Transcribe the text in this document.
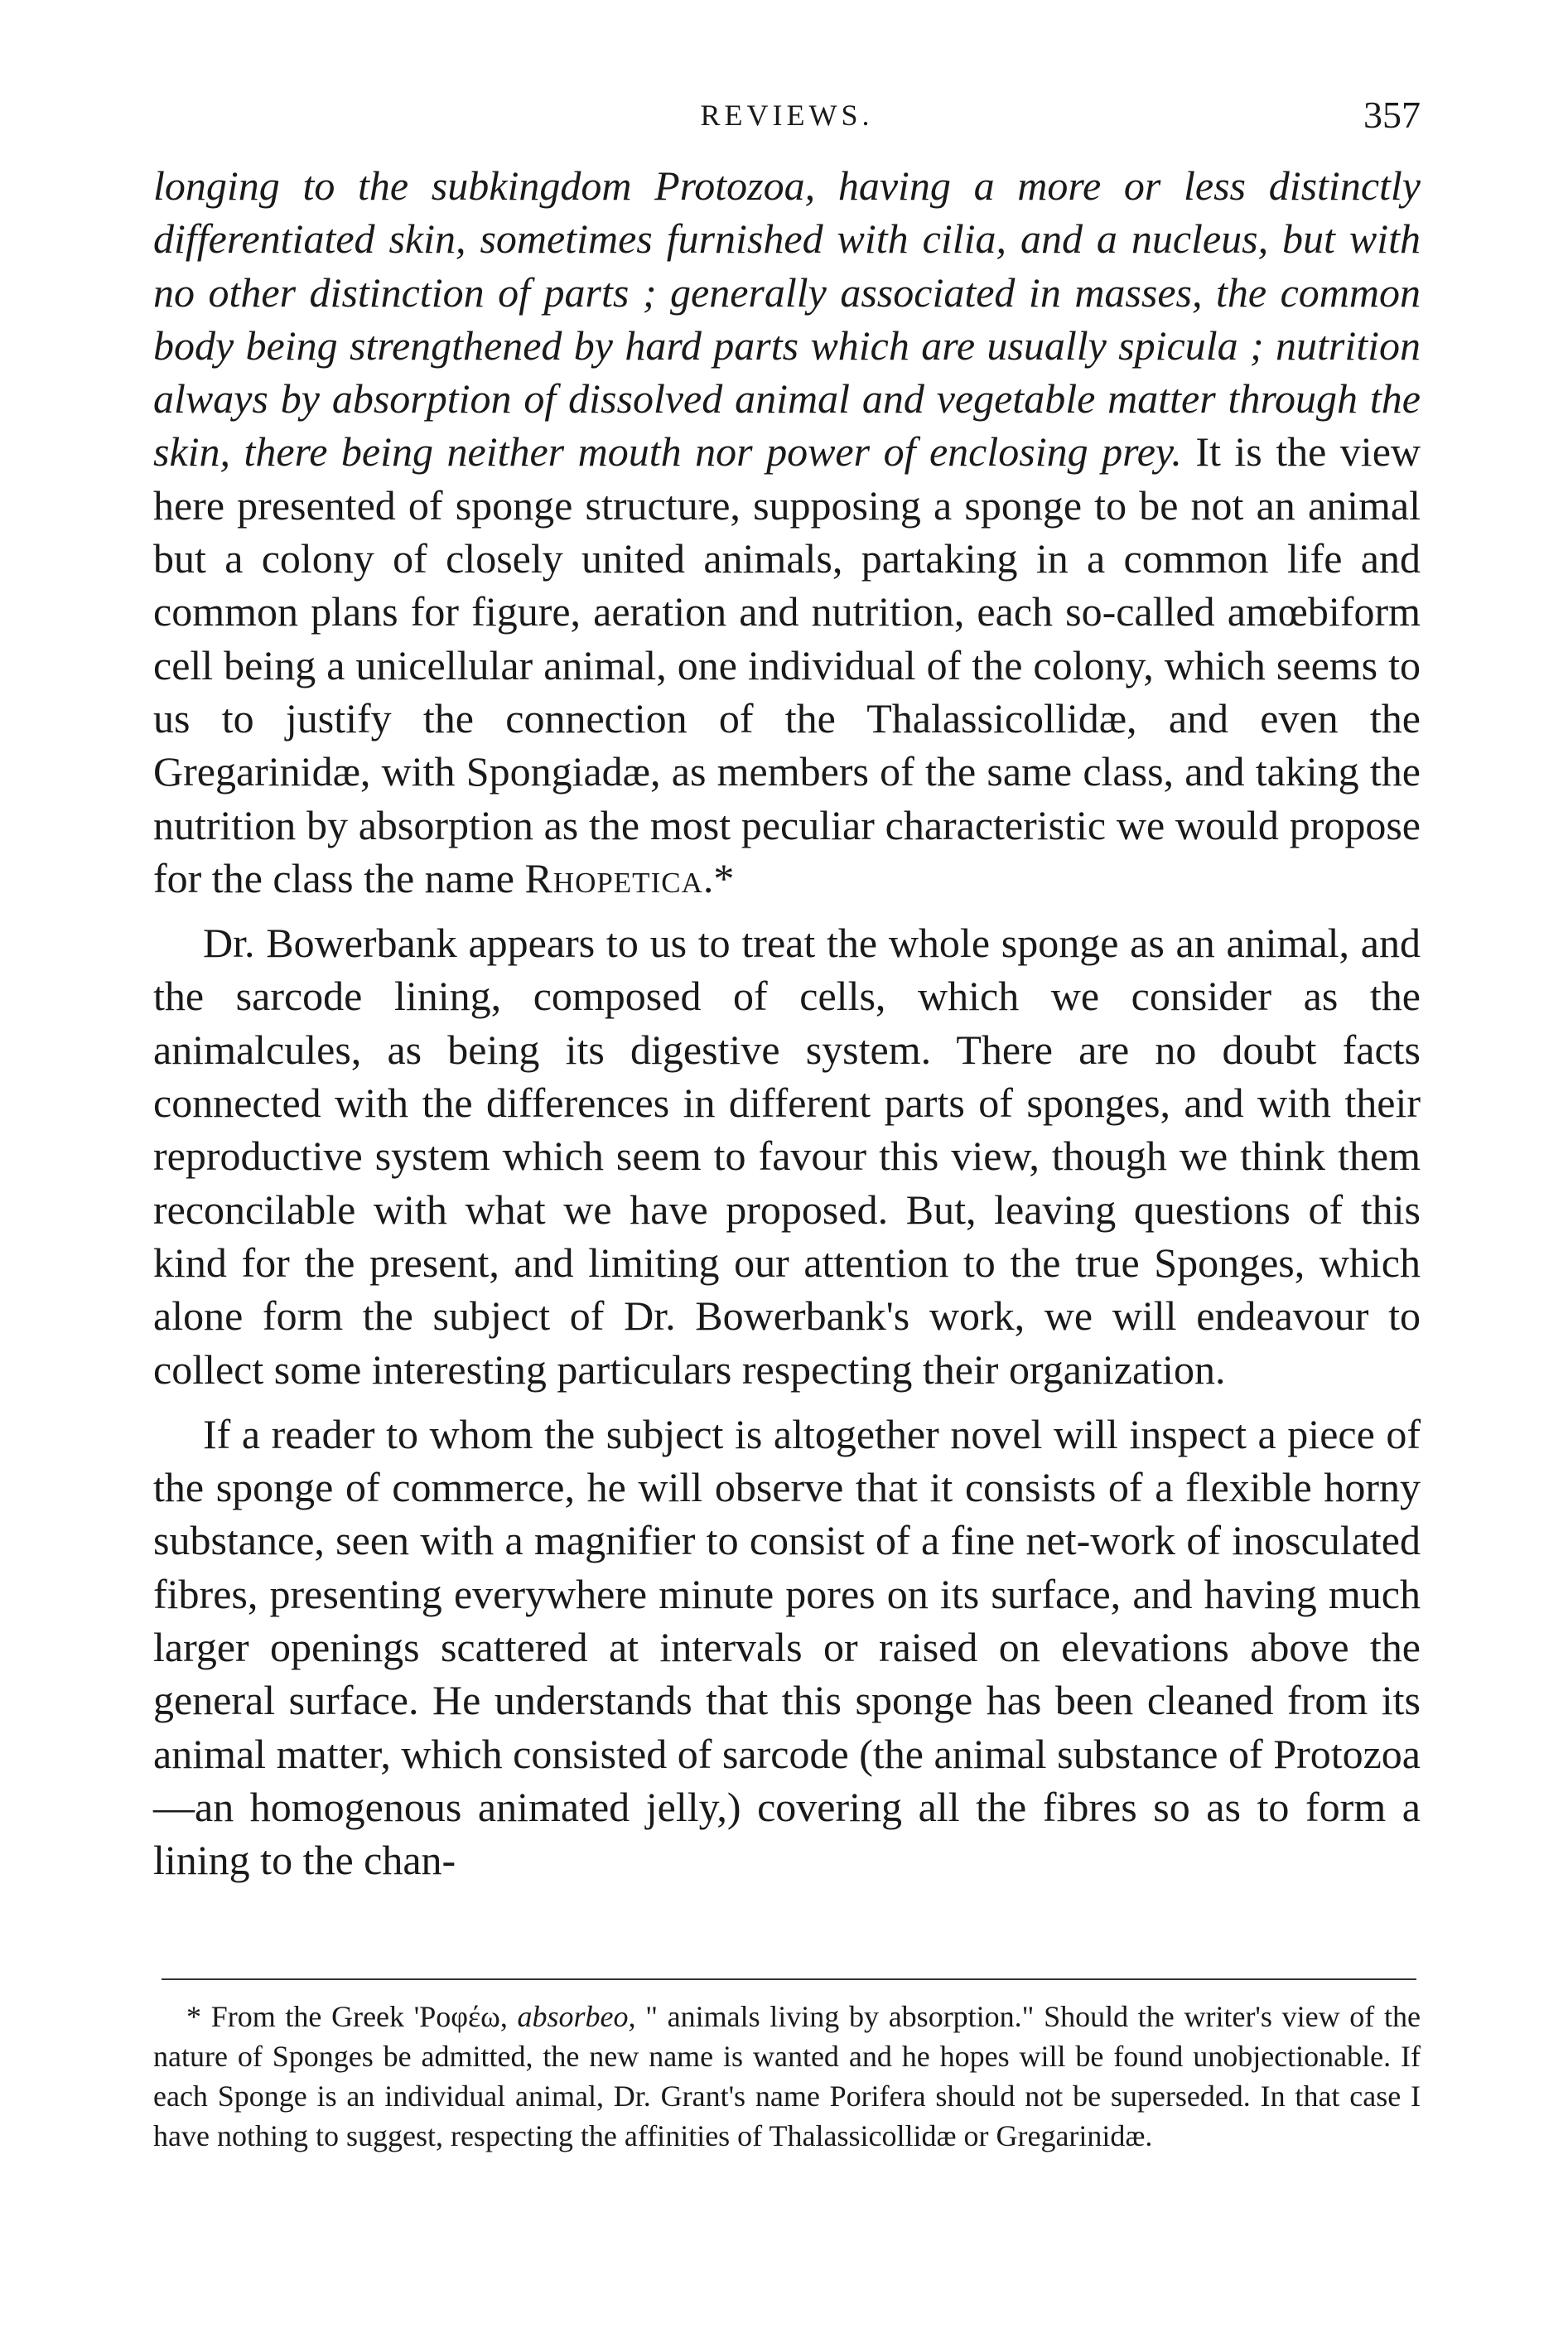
REVIEWS.	357

longing to the subkingdom Protozoa, having a more or less distinctly differentiated skin, sometimes furnished with cilia, and a nucleus, but with no other distinction of parts ; generally associated in masses, the common body being strengthened by hard parts which are usually spicula ; nutrition always by absorption of dissolved animal and vegetable matter through the skin, there being neither mouth nor power of enclosing prey. It is the view here presented of sponge structure, supposing a sponge to be not an animal but a colony of closely united animals, partaking in a common life and common plans for figure, aeration and nutrition, each so-called amœbiform cell being a unicellular animal, one individual of the colony, which seems to us to justify the connection of the Thalassicollidæ, and even the Gregarinidæ, with Spongiadæ, as members of the same class, and taking the nutrition by absorption as the most peculiar characteristic we would propose for the class the name Rhopetica.*

Dr. Bowerbank appears to us to treat the whole sponge as an animal, and the sarcode lining, composed of cells, which we consider as the animalcules, as being its digestive system. There are no doubt facts connected with the differences in different parts of sponges, and with their reproductive system which seem to favour this view, though we think them reconcilable with what we have proposed. But, leaving questions of this kind for the present, and limiting our attention to the true Sponges, which alone form the subject of Dr. Bowerbank's work, we will endeavour to collect some interesting particulars respecting their organization.

If a reader to whom the subject is altogether novel will inspect a piece of the sponge of commerce, he will observe that it consists of a flexible horny substance, seen with a magnifier to consist of a fine net-work of inosculated fibres, presenting everywhere minute pores on its surface, and having much larger openings scattered at intervals or raised on elevations above the general surface. He understands that this sponge has been cleaned from its animal matter, which consisted of sarcode (the animal substance of Protozoa—an homogenous animated jelly,) covering all the fibres so as to form a lining to the chan-

* From the Greek 'Ροφέω, absorbeo, " animals living by absorption." Should the writer's view of the nature of Sponges be admitted, the new name is wanted and he hopes will be found unobjectionable. If each Sponge is an individual animal, Dr. Grant's name Porifera should not be superseded. In that case I have nothing to suggest, respecting the affinities of Thalassicollidæ or Gregarinidæ.
